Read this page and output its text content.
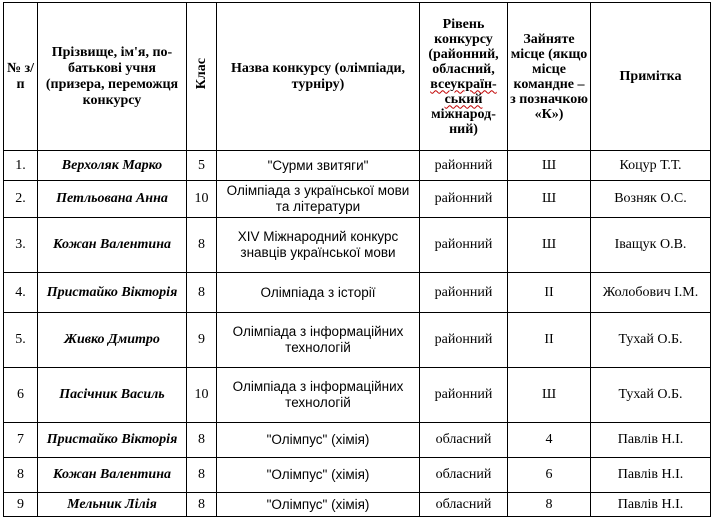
№ з/п	Прізвище, ім'я, по-батькові учня (призера, переможця конкурсу	Клас	Назва конкурсу (олімпіади, турніру)	Рівень конкурсу (районний, обласний, всеукраїн-ський міжнарод-ний)	Зайняте місце (якщо місце командне – з позначкою «К»)	Примітка
1.	Верхоляк Марко	5	"Сурми звитяги"	районний	Ш	Коцур Т.Т.
2.	Петльована Анна	10	Олімпіада з української мови та літератури	районний	Ш	Возняк О.С.
3.	Кожан Валентина	8	XIV Міжнародний конкурс знавців української мови	районний	Ш	Іващук О.В.
4.	Пристайко Вікторія	8	Олімпіада з історії	районний	ІІ	Жолобович І.М.
5.	Живко Дмитро	9	Олімпіада з інформаційних технологій	районний	ІІ	Тухай О.Б.
6	Пасічник Василь	10	Олімпіада з інформаційних технологій	районний	Ш	Тухай О.Б.
7	Пристайко Вікторія	8	"Олімпус" (хімія)	обласний	4	Павлів Н.І.
8	Кожан Валентина	8	"Олімпус" (хімія)	обласний	6	Павлів Н.І.
9	Мельник Лілія	8	"Олімпус" (хімія)	обласний	8	Павлів Н.І.
